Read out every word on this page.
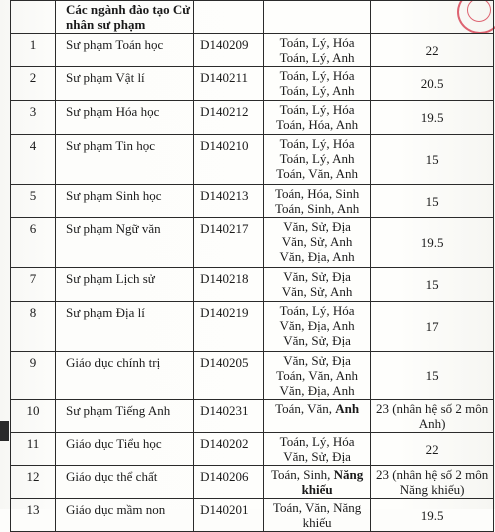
	Các ngành đào tạo Cử
nhân sư phạm			

1	Sư phạm Toán học	D140209	Toán, Lý, Hóa
Toán, Lý, Anh	22
2	Sư phạm Vật lí	D140211	Toán, Lý, Hóa
Toán, Lý, Anh	20.5
3	Sư phạm Hóa học	D140212	Toán, Lý, Hóa
Toán, Hóa, Anh	19.5
4	Sư phạm Tin học	D140210	Toán, Lý, Hóa
Toán, Lý, Anh
Toán, Văn, Anh	15
5	Sư phạm Sinh học	D140213	Toán, Hóa, Sinh
Toán, Sinh, Anh	15
6	Sư phạm Ngữ văn	D140217	Văn, Sử, Địa
Văn, Sử, Anh
Văn, Địa, Anh	19.5
7	Sư phạm Lịch sử	D140218	Văn, Sử, Địa
Văn, Sử, Anh	15
8	Sư phạm Địa lí	D140219	Toán, Lý, Hóa
Văn, Địa, Anh
Văn, Sử, Địa	17
9	Giáo dục chính trị	D140205	Văn, Sử, Địa
Toán, Văn, Anh
Văn, Địa, Anh	15
10	Sư phạm Tiếng Anh	D140231	Toán, Văn, Anh	23 (nhân hệ số 2 môn
Anh)

11	Giáo dục Tiểu học	D140202	Toán, Lý, Hóa
Văn, Sử, Địa	22
12	Giáo dục thể chất	D140206	Toán, Sinh, Năng
khiếu	23 (nhân hệ số 2 môn
Năng khiếu)

13	Giáo dục mầm non	D140201	Toán, Văn, Năng
khiếu	19.5
